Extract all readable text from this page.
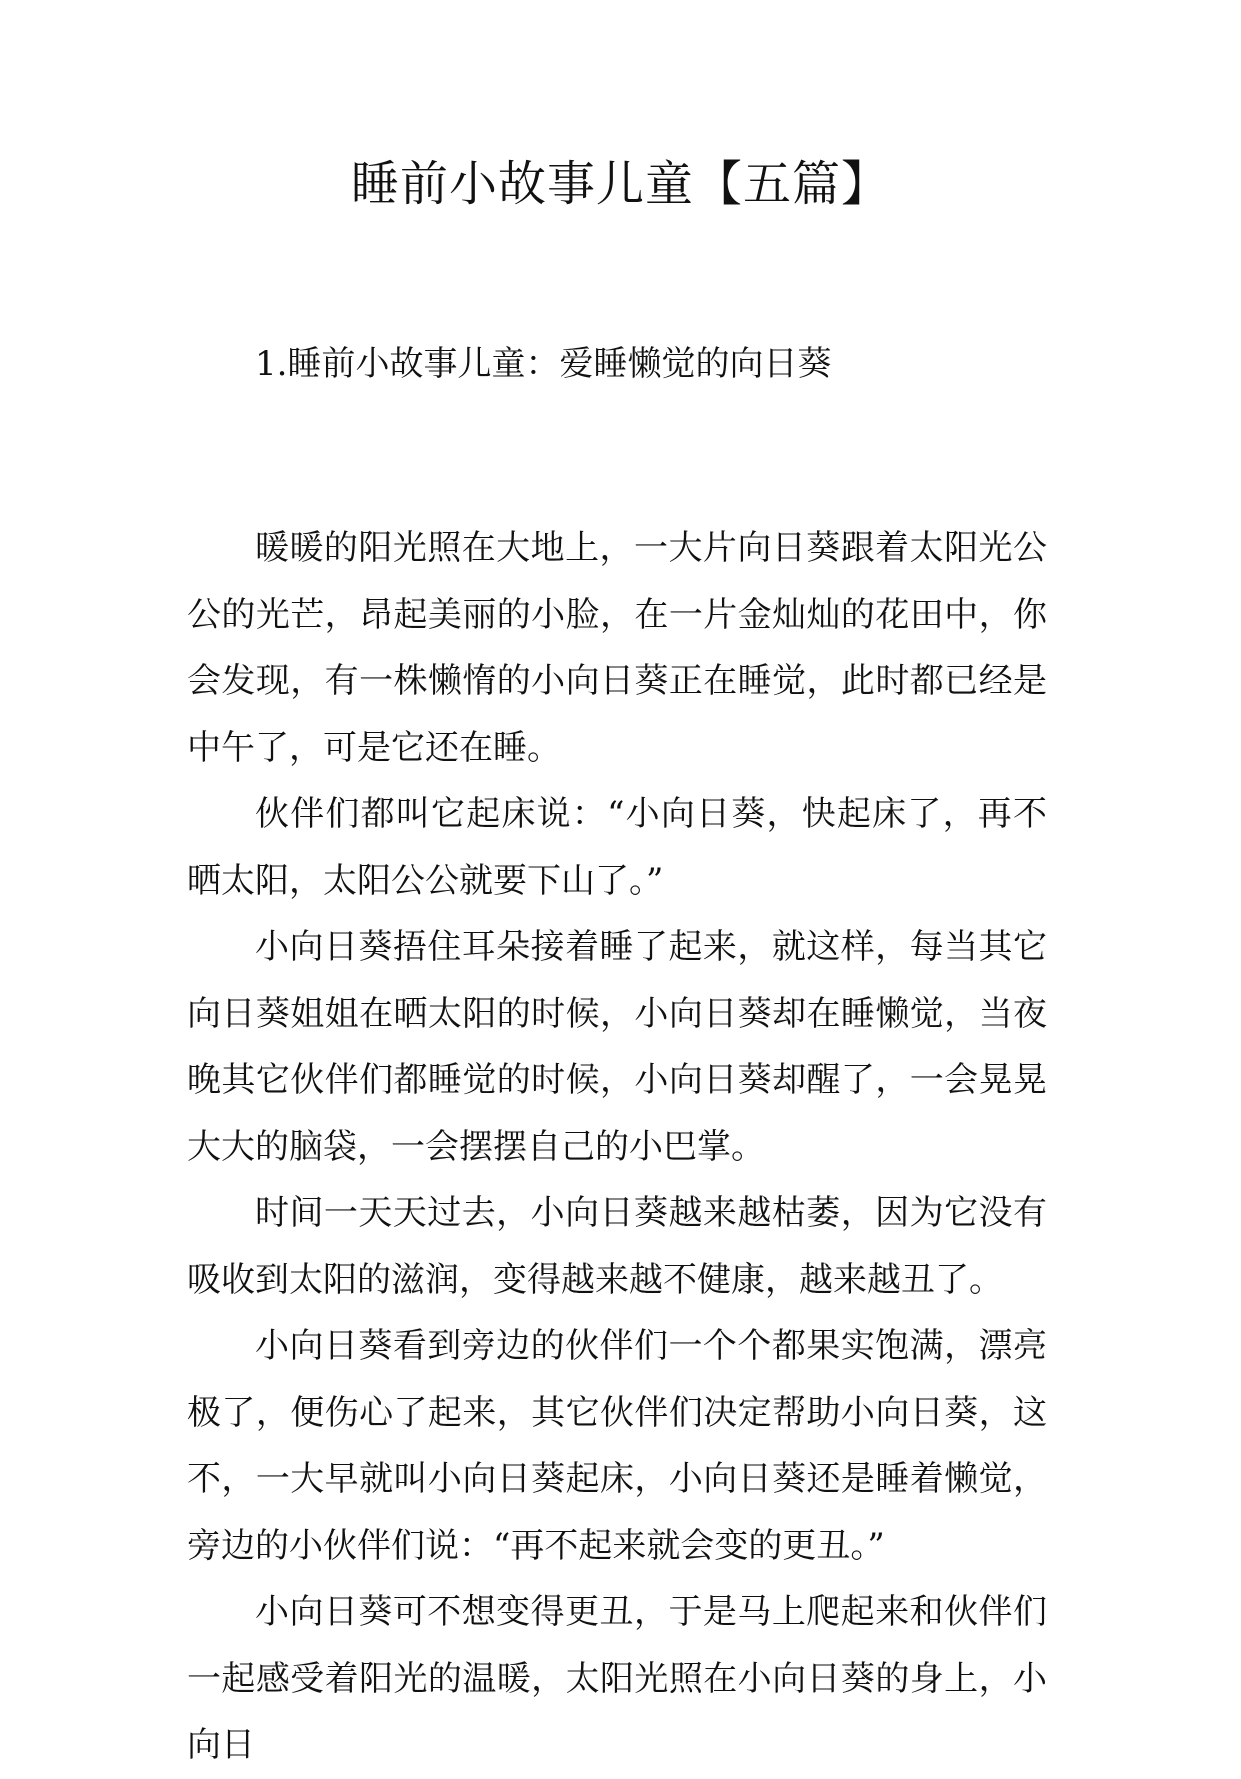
睡前小故事儿童【五篇】
1.睡前小故事儿童：爱睡懒觉的向日葵

暖暖的阳光照在大地上，一大片向日葵跟着太阳光公公的光芒，昂起美丽的小脸，在一片金灿灿的花田中，你会发现，有一株懒惰的小向日葵正在睡觉，此时都已经是中午了，可是它还在睡。

伙伴们都叫它起床说：“小向日葵，快起床了，再不晒太阳，太阳公公就要下山了。”

小向日葵捂住耳朵接着睡了起来，就这样，每当其它向日葵姐姐在晒太阳的时候，小向日葵却在睡懒觉，当夜晚其它伙伴们都睡觉的时候，小向日葵却醒了，一会晃晃大大的脑袋，一会摆摆自己的小巴掌。

时间一天天过去，小向日葵越来越枯萎，因为它没有吸收到太阳的滋润，变得越来越不健康，越来越丑了。

小向日葵看到旁边的伙伴们一个个都果实饱满，漂亮极了，便伤心了起来，其它伙伴们决定帮助小向日葵，这不，一大早就叫小向日葵起床，小向日葵还是睡着懒觉，旁边的小伙伴们说：“再不起来就会变的更丑。”

小向日葵可不想变得更丑，于是马上爬起来和伙伴们一起感受着阳光的温暖，太阳光照在小向日葵的身上，小向日
